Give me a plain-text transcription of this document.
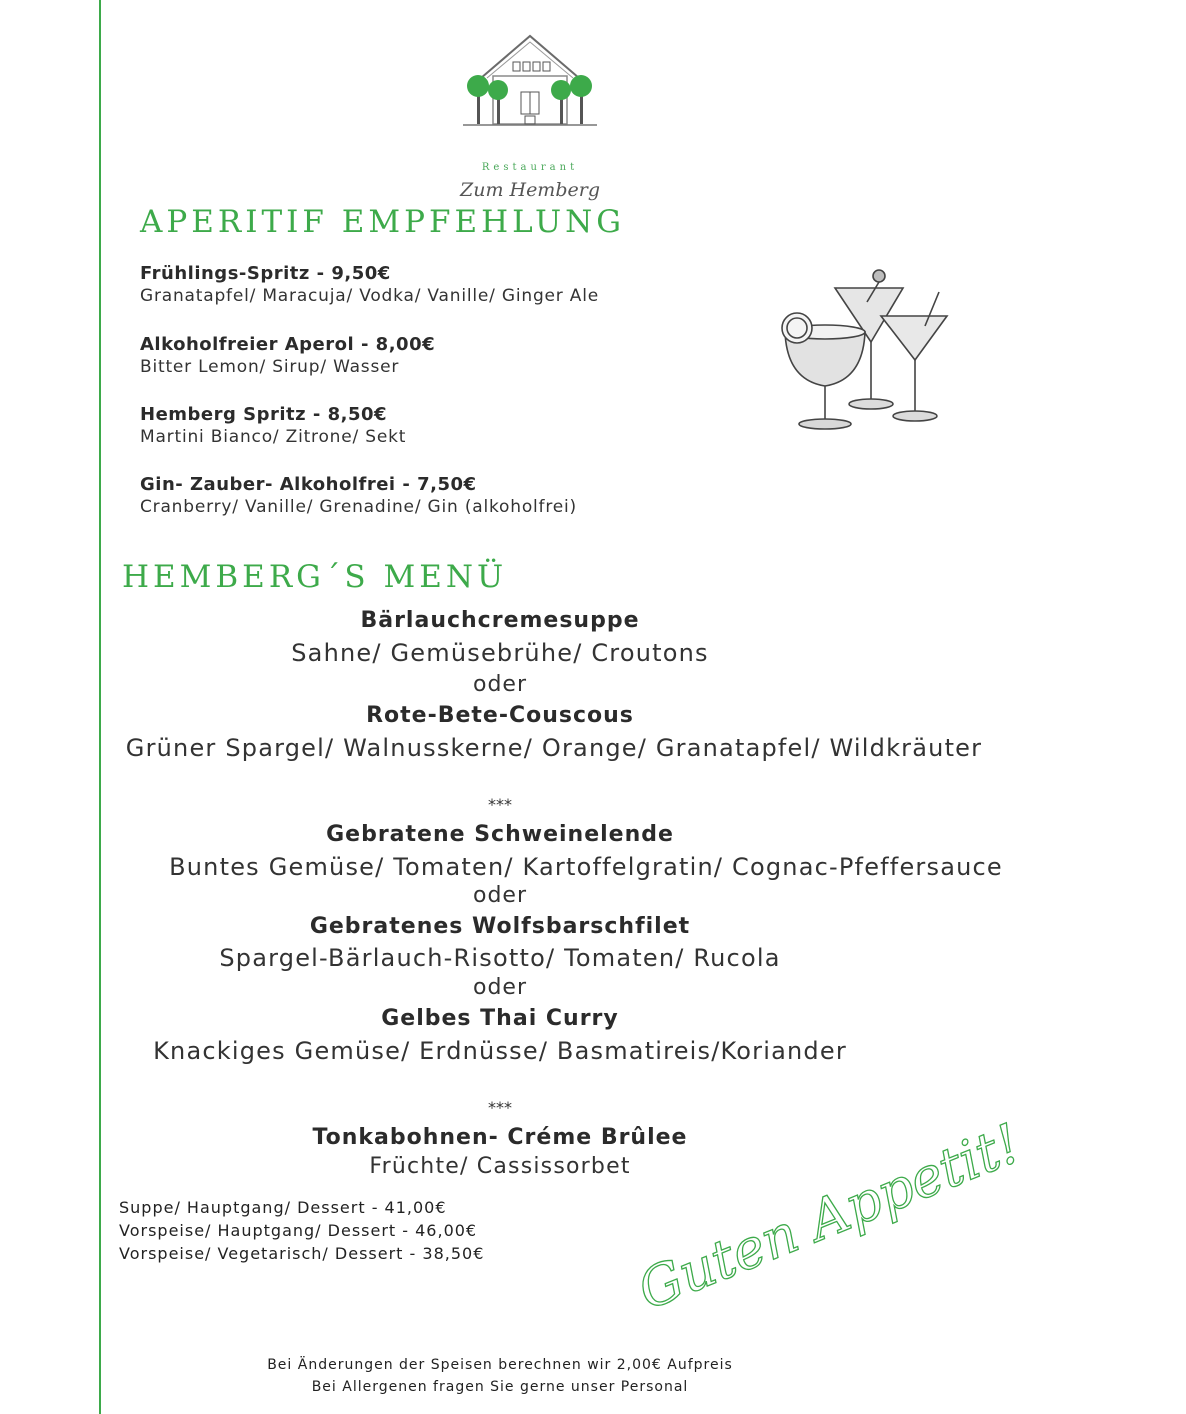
Restaurant
Zum Hemberg
APERITIF EMPFEHLUNG
Frühlings-Spritz - 9,50€
Granatapfel/ Maracuja/ Vodka/ Vanille/ Ginger Ale
Alkoholfreier Aperol - 8,00€
Bitter Lemon/ Sirup/ Wasser
Hemberg Spritz - 8,50€
Martini Bianco/ Zitrone/ Sekt
Gin- Zauber- Alkoholfrei - 7,50€
Cranberry/ Vanille/ Grenadine/ Gin (alkoholfrei)
HEMBERG´S MENÜ
Bärlauchcremesuppe
Sahne/ Gemüsebrühe/ Croutons
oder
Rote-Bete-Couscous
Grüner Spargel/ Walnusskerne/ Orange/ Granatapfel/ Wildkräuter
***
Gebratene Schweinelende
Buntes Gemüse/ Tomaten/ Kartoffelgratin/ Cognac-Pfeffersauce
oder
Gebratenes Wolfsbarschfilet
Spargel-Bärlauch-Risotto/ Tomaten/ Rucola
oder
Gelbes Thai Curry
Knackiges Gemüse/ Erdnüsse/ Basmatireis/Koriander
***
Tonkabohnen- Créme Brûlee
Früchte/ Cassissorbet
Suppe/ Hauptgang/ Dessert - 41,00€
Vorspeise/ Hauptgang/ Dessert - 46,00€
Vorspeise/ Vegetarisch/ Dessert - 38,50€	Guten Appetit!
Bei Änderungen der Speisen berechnen wir 2,00€ Aufpreis
Bei Allergenen fragen Sie gerne unser Personal
